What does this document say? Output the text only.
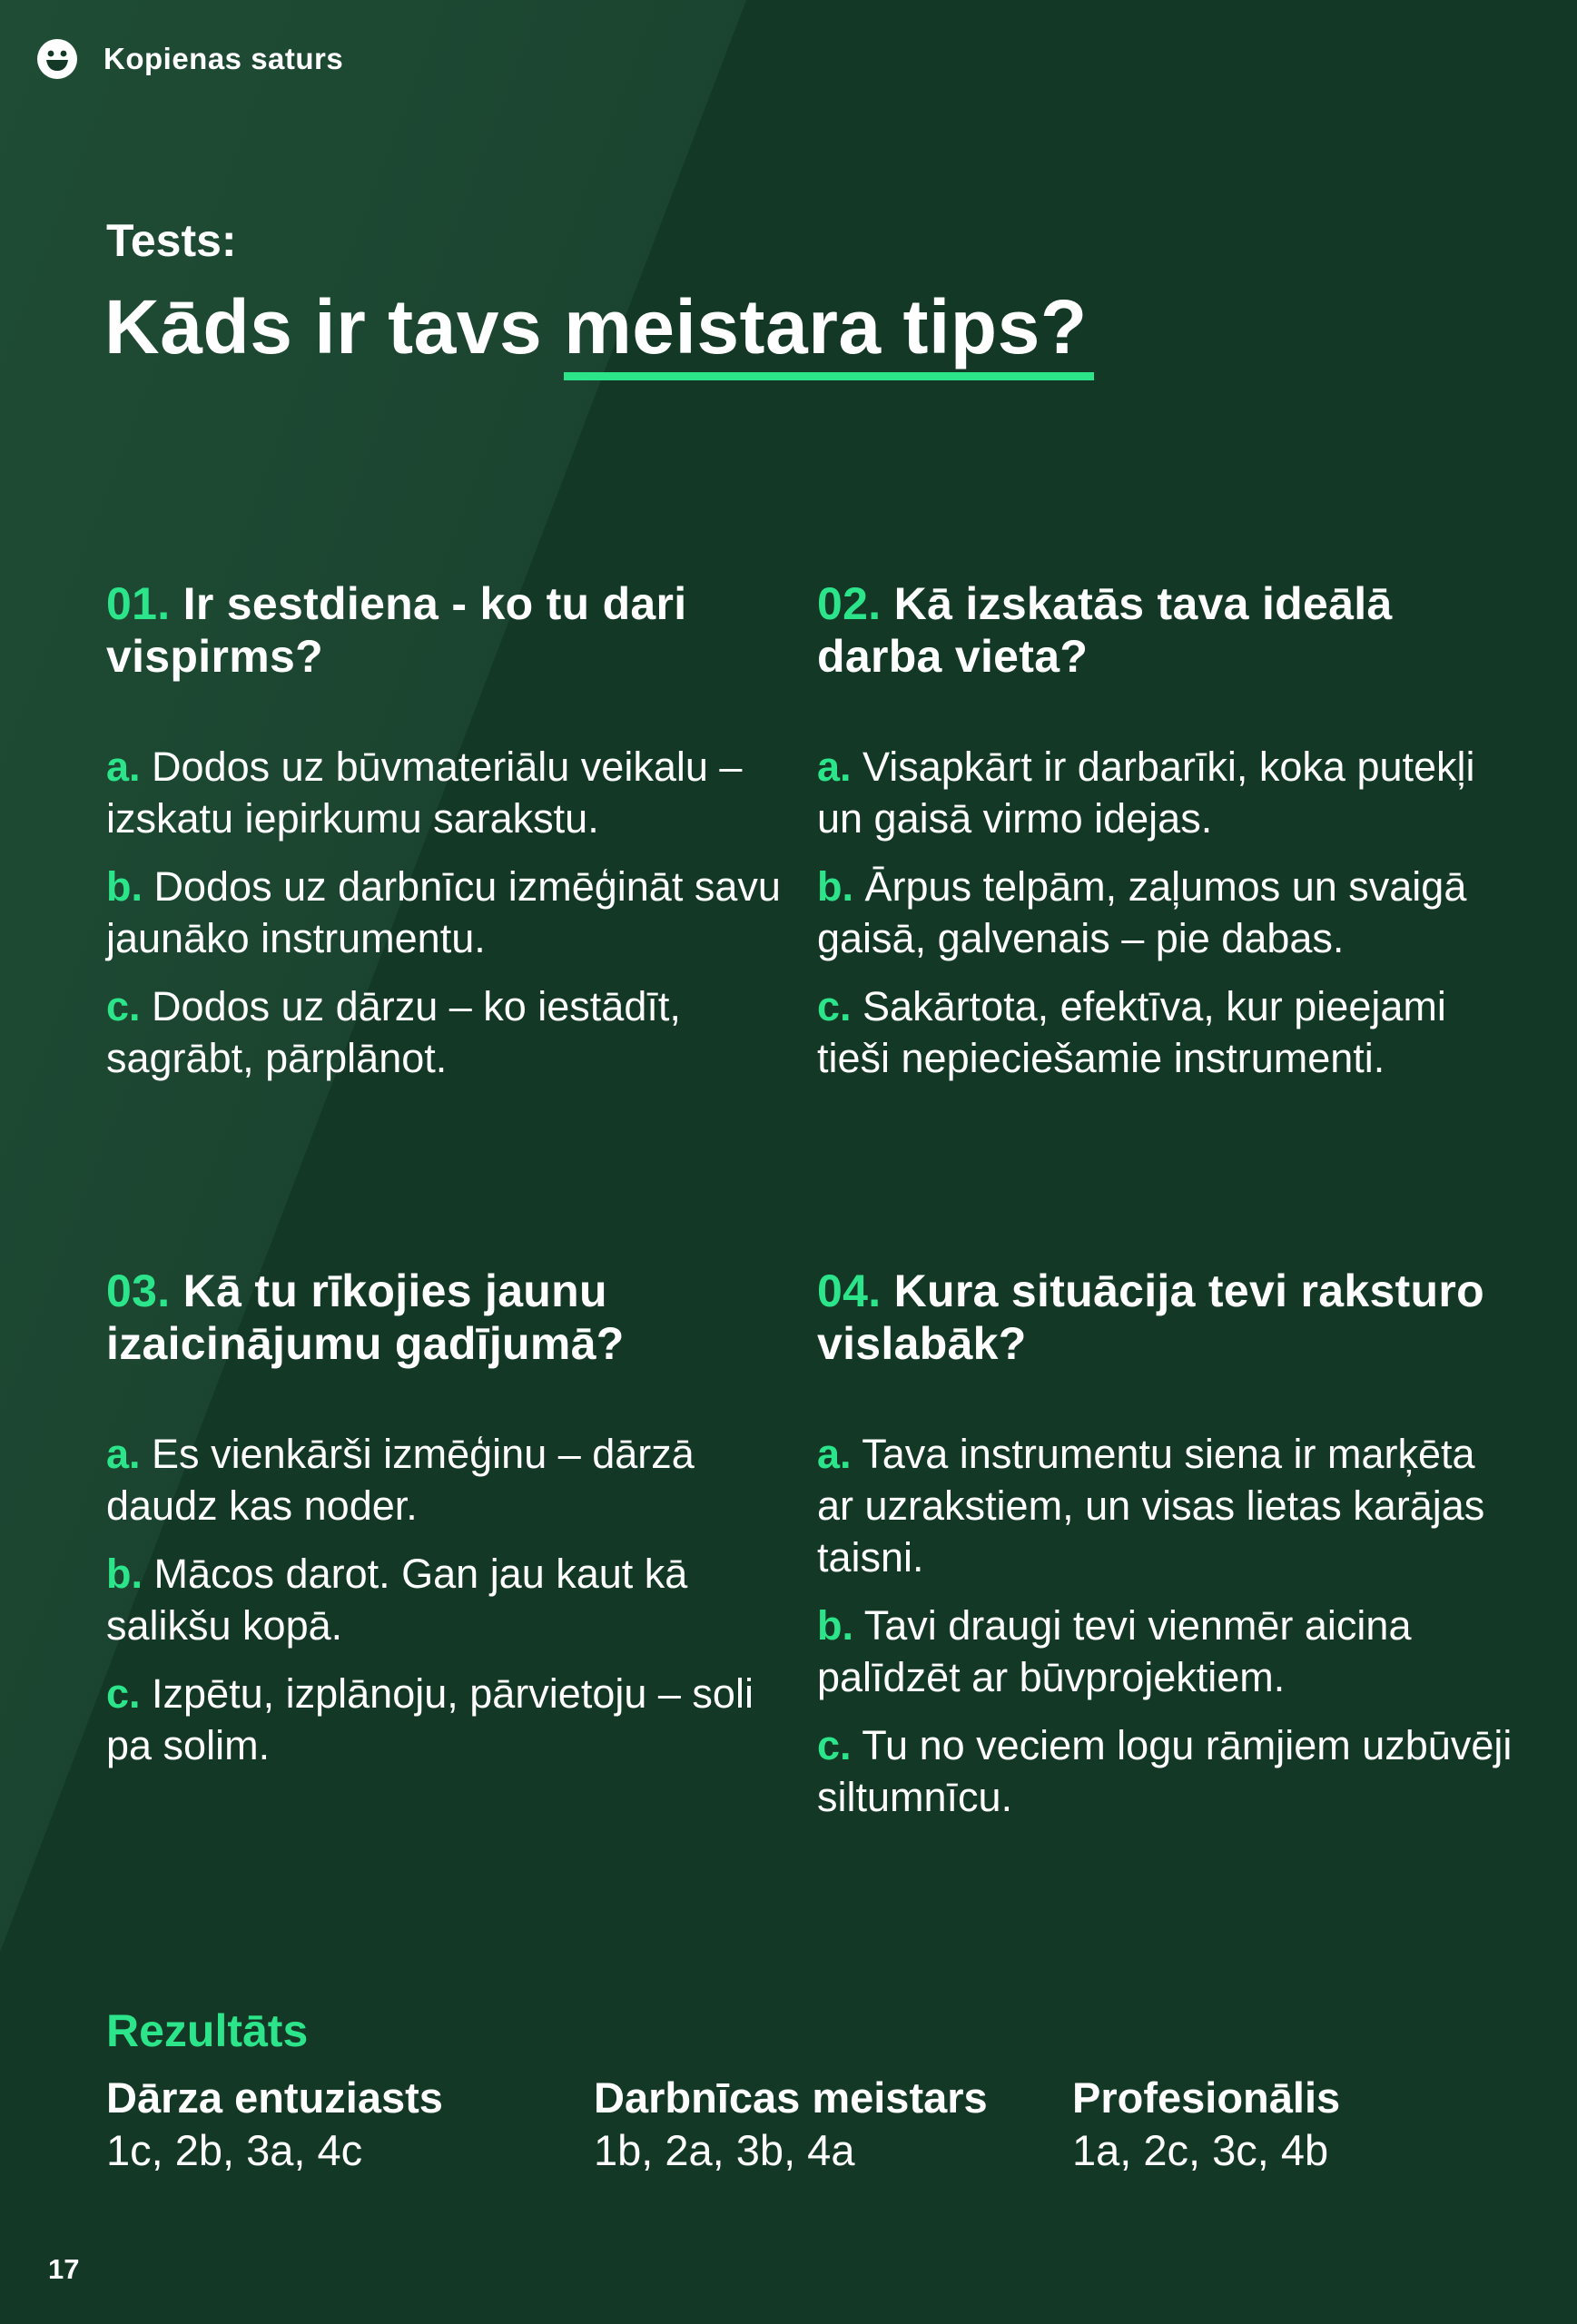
Kopienas saturs
Tests:
Kāds ir tavs meistara tips
?
01. Ir sestdiena - ko tu dari vispirms?
a. Dodos uz būvmateriālu veikalu – izskatu iepirkumu sarakstu.
b. Dodos uz darbnīcu izmēģināt savu jaunāko instrumentu.
c. Dodos uz dārzu – ko iestādīt, sagrābt, pārplānot.
02. Kā izskatās tava ideālā darba vieta?
a. Visapkārt ir darbarīki, koka putekļi un gaisā virmo idejas.
b. Ārpus telpām, zaļumos un svaigā gaisā, galvenais – pie dabas.
c. Sakārtota, efektīva, kur pieejami tieši nepieciešamie instrumenti.
03. Kā tu rīkojies jaunu izaicinājumu gadījumā?
a. Es vienkārši izmēģinu – dārzā daudz kas noder.
b. Mācos darot. Gan jau kaut kā salikšu kopā.
c. Izpētu, izplānoju, pārvietoju – soli pa solim.
04. Kura situācija tevi raksturo vislabāk?
a. Tava instrumentu siena ir marķēta ar uzrakstiem, un visas lietas karājas taisni.
b. Tavi draugi tevi vienmēr aicina palīdzēt ar būvprojektiem.
c. Tu no veciem logu rāmjiem uzbūvēji siltumnīcu.
Rezultāts
Dārza entuziasts
1c, 2b, 3a, 4c
Darbnīcas meistars
1b, 2a, 3b, 4a
Profesionālis
1a, 2c, 3c, 4b
17
